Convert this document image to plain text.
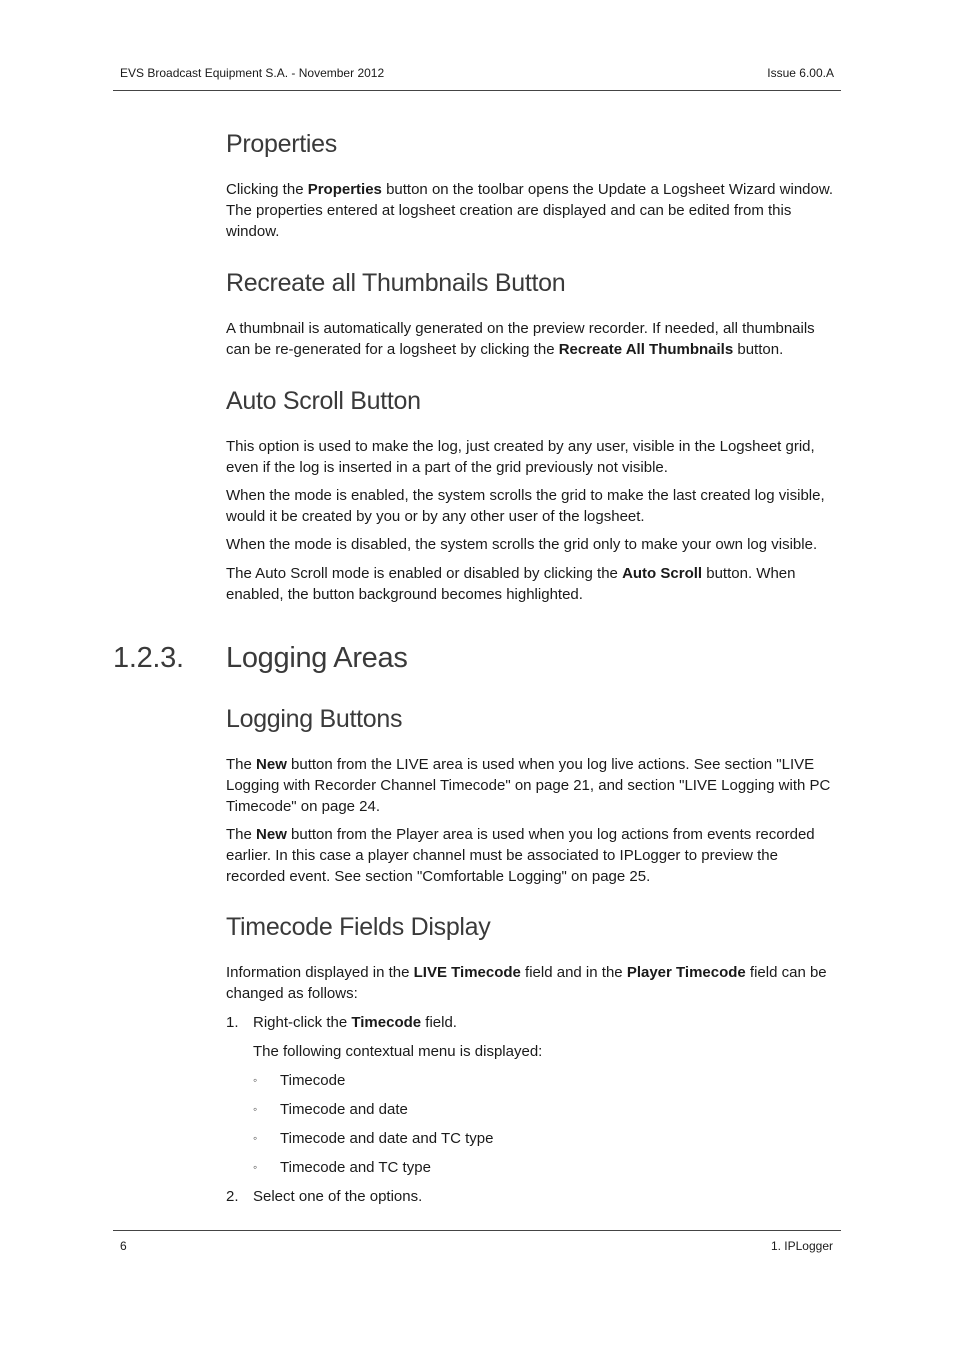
EVS Broadcast Equipment S.A. - November 2012	Issue 6.00.A
Properties

Clicking the Properties button on the toolbar opens the Update a Logsheet Wizard window. The properties entered at logsheet creation are displayed and can be edited from this window.

Recreate all Thumbnails Button

A thumbnail is automatically generated on the preview recorder. If needed, all thumbnails can be re-generated for a logsheet by clicking the Recreate All Thumbnails button.

Auto Scroll Button

This option is used to make the log, just created by any user, visible in the Logsheet grid, even if the log is inserted in a part of the grid previously not visible.

When the mode is enabled, the system scrolls the grid to make the last created log visible, would it be created by you or by any other user of the logsheet.

When the mode is disabled, the system scrolls the grid only to make your own log visible.

The Auto Scroll mode is enabled or disabled by clicking the Auto Scroll button. When enabled, the button background becomes highlighted.

1.2.3. Logging Areas
Logging Buttons

The New button from the LIVE area is used when you log live actions. See section "LIVE Logging with Recorder Channel Timecode" on page 21, and section "LIVE Logging with PC Timecode" on page 24.

The New button from the Player area is used when you log actions from events recorded earlier. In this case a player channel must be associated to IPLogger to preview the recorded event. See section "Comfortable Logging" on page 25.

Timecode Fields Display

Information displayed in the LIVE Timecode field and in the Player Timecode field can be changed as follows:

1. Right-click the Timecode field.
The following contextual menu is displayed:
◦ Timecode
◦ Timecode and date
◦ Timecode and date and TC type
◦ Timecode and TC type
2. Select one of the options.
6	1. IPLogger
